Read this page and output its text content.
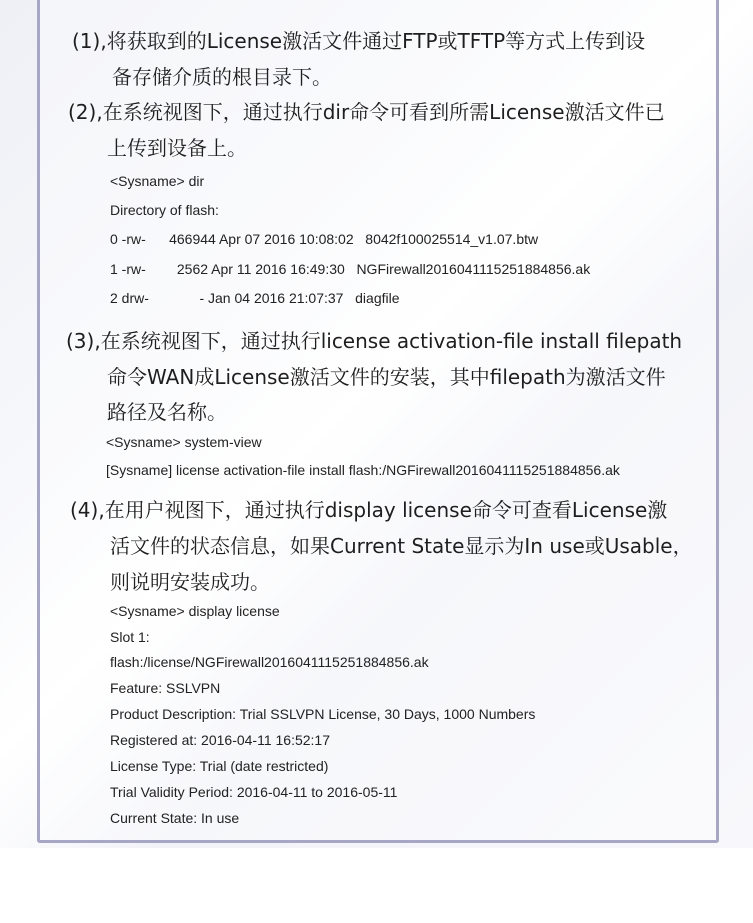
(1),将获取到的License激活文件通过FTP或TFTP等方式上传到设
备存储介质的根目录下。
(2),在系统视图下，通过执行dir命令可看到所需License激活文件已
上传到设备上。
<Sysname> dir
Directory of flash:
0 -rw-      466944 Apr 07 2016 10:08:02   8042f100025514_v1.07.btw
1 -rw-        2562 Apr 11 2016 16:49:30   NGFirewall2016041115251884856.ak
2 drw-             - Jan 04 2016 21:07:37   diagfile
(3),在系统视图下，通过执行license activation-file install filepath
命令WAN成License激活文件的安装，其中filepath为激活文件
路径及名称。
<Sysname> system-view
[Sysname] license activation-file install flash:/NGFirewall2016041115251884856.ak
(4),在用户视图下，通过执行display license命令可查看License激
活文件的状态信息，如果Current State显示为In use或Usable，
则说明安装成功。
<Sysname> display license
Slot 1:
flash:/license/NGFirewall2016041115251884856.ak
Feature: SSLVPN
Product Description: Trial SSLVPN License, 30 Days, 1000 Numbers
Registered at: 2016-04-11 16:52:17
License Type: Trial (date restricted)
Trial Validity Period: 2016-04-11 to 2016-05-11
Current State: In use
